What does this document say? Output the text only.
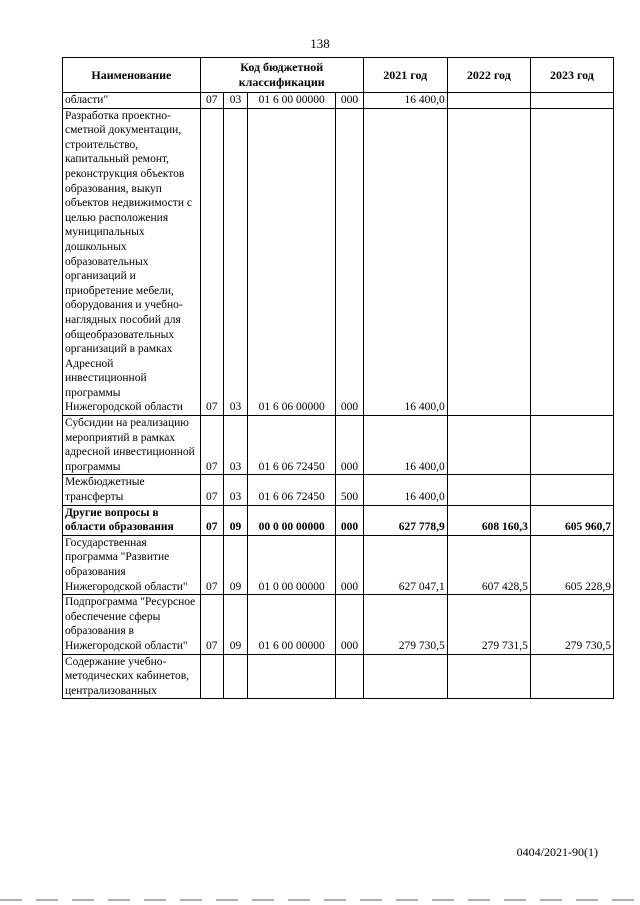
138
Наименование	Код бюджетной классификации				2021 год	2022 год	2023 год
области"	07	03	01 6 00 00000	000	16 400,0		
Разработка проектно-сметной документации, строительство, капитальный ремонт, реконструкция объектов образования, выкуп объектов недвижимости с целью расположения муниципальных дошкольных образовательных организаций и приобретение мебели, оборудования и учебно-наглядных пособий для общеобразовательных организаций в рамках Адресной инвестиционной программы Нижегородской области	07	03	01 6 06 00000	000	16 400,0		
Субсидии на реализацию мероприятий в рамках адресной инвестиционной программы	07	03	01 6 06 72450	000	16 400,0		
Межбюджетные трансферты	07	03	01 6 06 72450	500	16 400,0		
Другие вопросы в области образования	07	09	00 0 00 00000	000	627 778,9	608 160,3	605 960,7
Государственная программа "Развитие образования Нижегородской области"	07	09	01 0 00 00000	000	627 047,1	607 428,5	605 228,9
Подпрограмма "Ресурсное обеспечение сферы образования в Нижегородской области"	07	09	01 6 00 00000	000	279 730,5	279 731,5	279 730,5
Содержание учебно-методических кабинетов, централизованных							
0404/2021-90(1)
